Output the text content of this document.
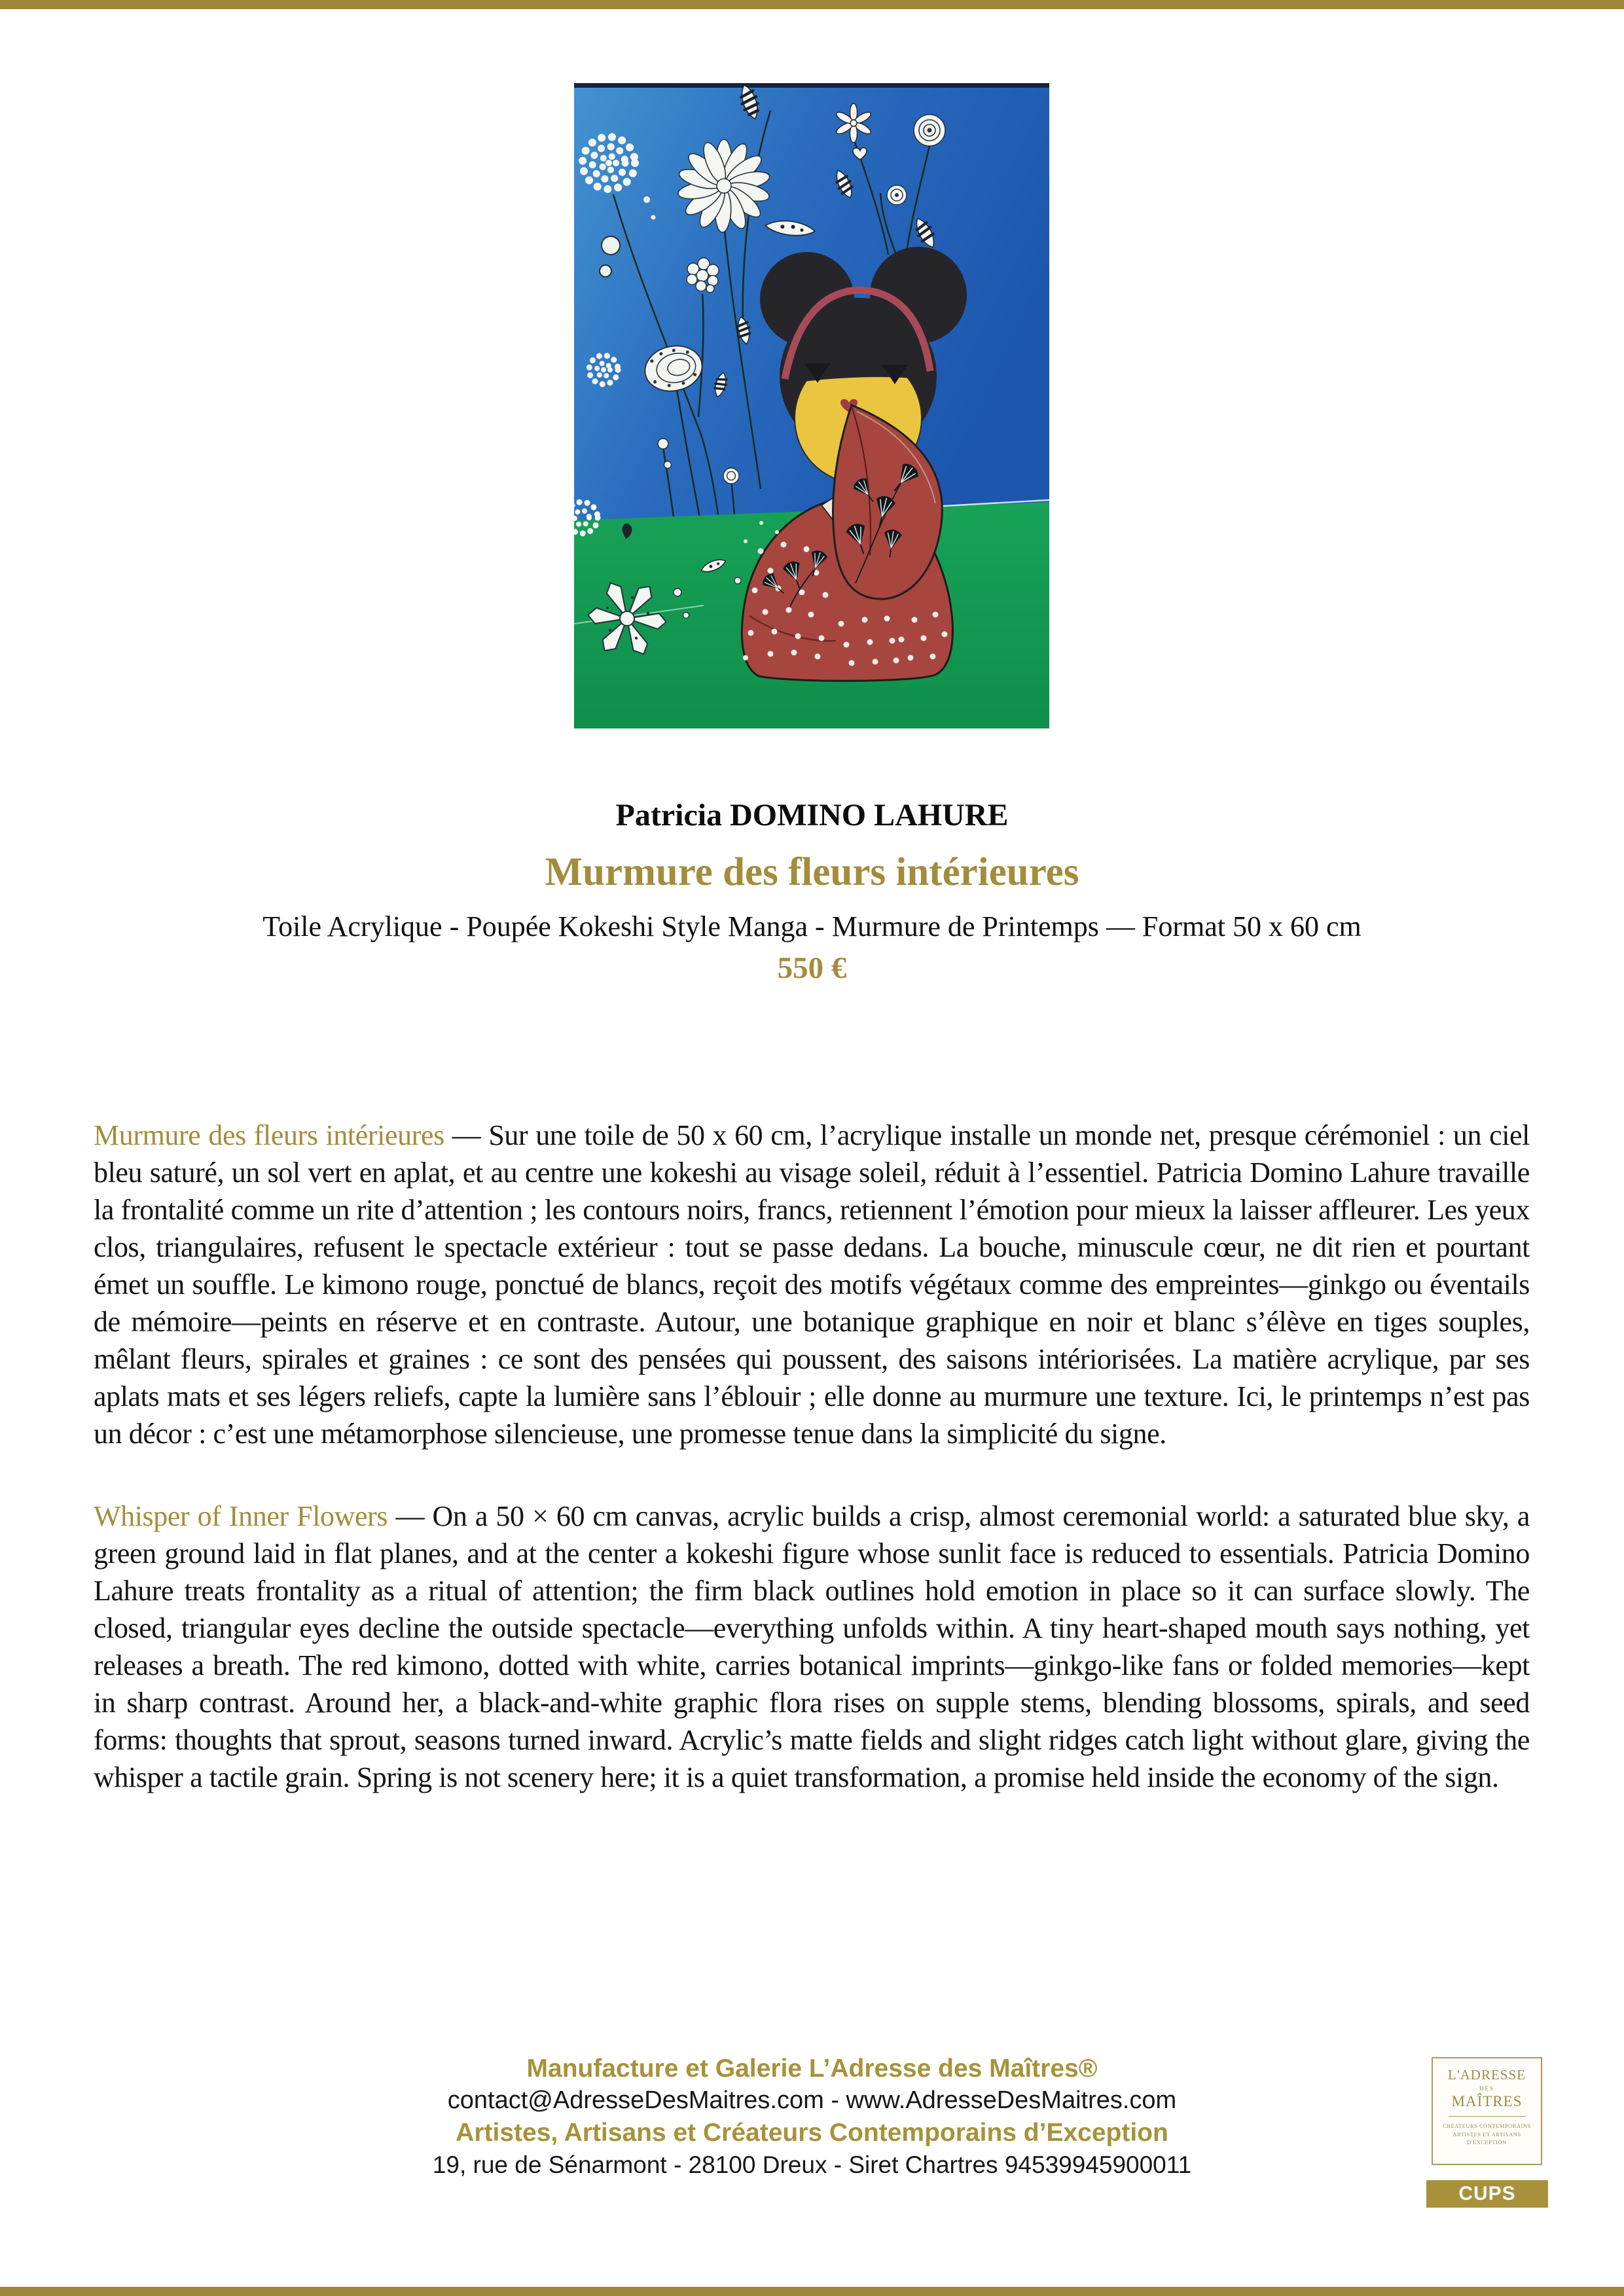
Patricia DOMINO LAHURE
Murmure des fleurs intérieures
Toile Acrylique - Poupée Kokeshi Style Manga - Murmure de Printemps — Format 50 x 60 cm
550 €

Murmure des fleurs intérieures — Sur une toile de 50 x 60 cm, l’acrylique installe un monde net, presque cérémoniel : un ciel bleu saturé, un sol vert en aplat, et au centre une kokeshi au visage soleil, réduit à l’essentiel. Patricia Domino Lahure travaille la frontalité comme un rite d’attention ; les contours noirs, francs, retiennent l’émotion pour mieux la laisser affleurer. Les yeux clos, triangulaires, refusent le spectacle extérieur : tout se passe dedans. La bouche, minuscule cœur, ne dit rien et pourtant émet un souffle. Le kimono rouge, ponctué de blancs, reçoit des motifs végétaux comme des empreintes—ginkgo ou éventails de mémoire—peints en réserve et en contraste. Autour, une botanique graphique en noir et blanc s’élève en tiges souples, mêlant fleurs, spirales et graines : ce sont des pensées qui poussent, des saisons intériorisées. La matière acrylique, par ses aplats mats et ses légers reliefs, capte la lumière sans l’éblouir ; elle donne au murmure une texture. Ici, le printemps n’est pas un décor : c’est une métamorphose silencieuse, une promesse tenue dans la simplicité du signe.

Whisper of Inner Flowers — On a 50 × 60 cm canvas, acrylic builds a crisp, almost ceremonial world: a saturated blue sky, a green ground laid in flat planes, and at the center a kokeshi figure whose sunlit face is reduced to essentials. Patricia Domino Lahure treats frontality as a ritual of attention; the firm black outlines hold emotion in place so it can surface slowly. The closed, triangular eyes decline the outside spectacle—everything unfolds within. A tiny heart-shaped mouth says nothing, yet releases a breath. The red kimono, dotted with white, carries botanical imprints—ginkgo-like fans or folded memories—kept in sharp contrast. Around her, a black-and-white graphic flora rises on supple stems, blending blossoms, spirals, and seed forms: thoughts that sprout, seasons turned inward. Acrylic’s matte fields and slight ridges catch light without glare, giving the whisper a tactile grain. Spring is not scenery here; it is a quiet transformation, a promise held inside the economy of the sign.

Manufacture et Galerie L’Adresse des Maîtres®
contact@AdresseDesMaitres.com - www.AdresseDesMaitres.com
Artistes, Artisans et Créateurs Contemporains d’Exception
19, rue de Sénarmont - 28100 Dreux - Siret Chartres 94539945900011
L'ADRESSE
DES
MAÎTRES
CRÉATEURS CONTEMPORAINS
ARTISTES ET ARTISANS
D'EXCEPTION
CUPS
